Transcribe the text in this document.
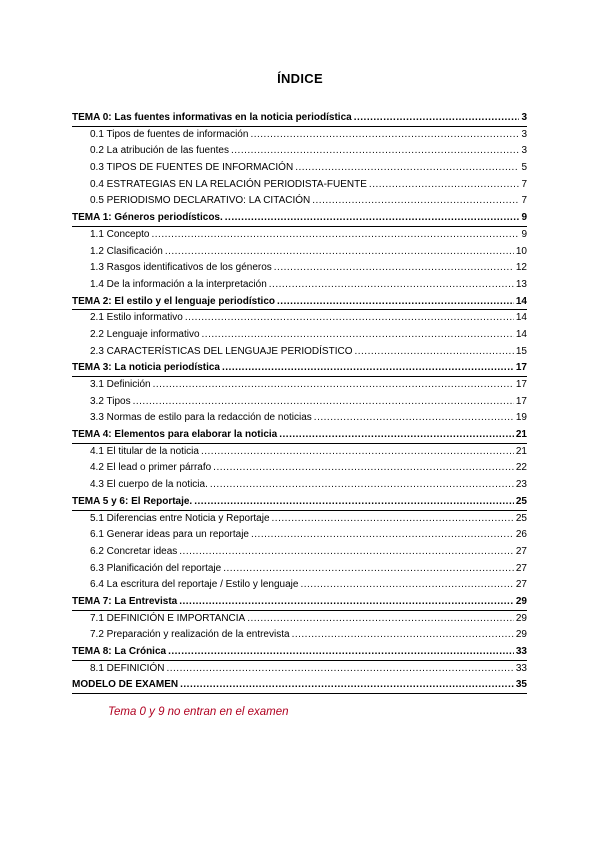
ÍNDICE
TEMA 0: Las fuentes informativas en la noticia periodística .....	3
0.1 Tipos de fuentes de información .....	3
0.2 La atribución de las fuentes .....	3
0.3 TIPOS DE FUENTES DE INFORMACIÓN .....	5
0.4 ESTRATEGIAS EN LA RELACIÓN PERIODISTA-FUENTE .....	7
0.5 PERIODISMO DECLARATIVO: LA CITACIÓN .....	7
TEMA 1: Géneros periodísticos. .....	9
1.1 Concepto .....	9
1.2 Clasificación .....	10
1.3 Rasgos identificativos de los géneros .....	12
1.4 De la información a la interpretación .....	13
TEMA 2: El estilo y el lenguaje periodístico .....	14
2.1 Estilo informativo .....	14
2.2 Lenguaje informativo .....	14
2.3 CARACTERÍSTICAS DEL LENGUAJE PERIODÍSTICO .....	15
TEMA 3: La noticia periodística .....	17
3.1 Definición .....	17
3.2 Tipos .....	17
3.3 Normas de estilo para la redacción de noticias .....	19
TEMA 4: Elementos para elaborar la noticia .....	21
4.1 El titular de la noticia .....	21
4.2 El lead o primer párrafo .....	22
4.3 El cuerpo de la noticia. .....	23
TEMA 5 y 6: El Reportaje. .....	25
5.1 Diferencias entre Noticia y Reportaje .....	25
6.1 Generar ideas para un reportaje .....	26
6.2 Concretar ideas .....	27
6.3 Planificación del reportaje .....	27
6.4 La escritura del reportaje / Estilo y lenguaje .....	27
TEMA 7: La Entrevista .....	29
7.1 DEFINICIÓN E IMPORTANCIA .....	29
7.2 Preparación y realización de la entrevista .....	29
TEMA 8: La Crónica .....	33
8.1 DEFINICIÓN .....	33
MODELO DE EXAMEN .....	35
Tema 0 y 9 no entran en el examen
